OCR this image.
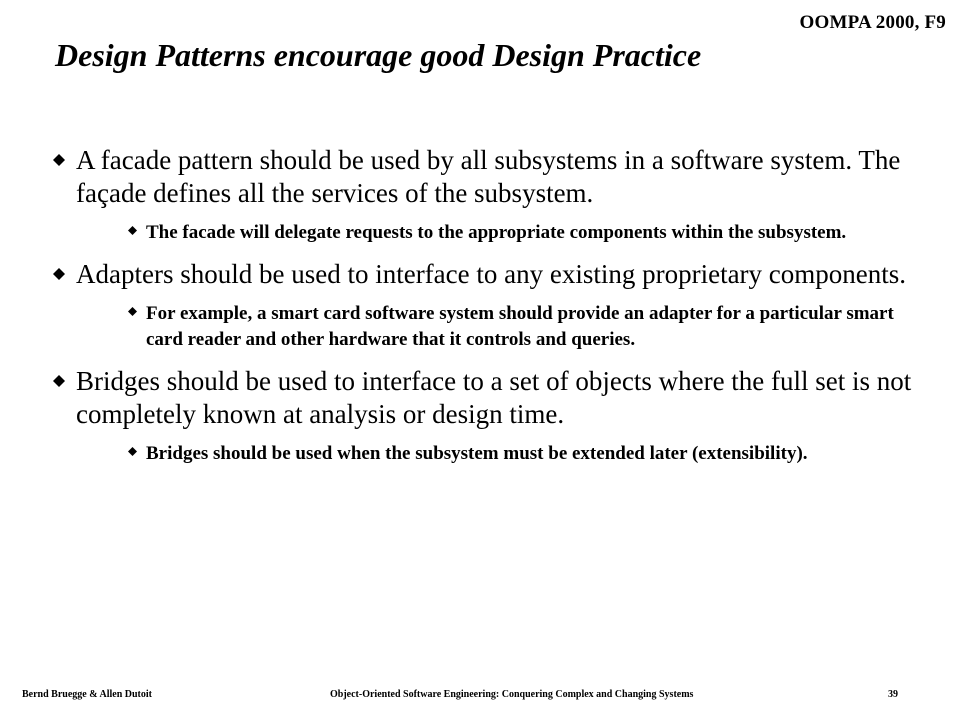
OOMPA 2000, F9
Design Patterns encourage good Design Practice
A facade pattern should be used by all subsystems in a software system. The façade defines all the services of the subsystem.
The facade will delegate requests to the appropriate components within the subsystem.
Adapters should be used to interface to any existing proprietary components.
For example, a smart card software system should provide an adapter for a particular smart card reader and other hardware that it controls and queries.
Bridges should be used to interface to a set of objects where the full set is not completely known at analysis or design time.
Bridges should be used when the subsystem must be extended later (extensibility).
Bernd Bruegge & Allen Dutoit	Object-Oriented Software Engineering: Conquering Complex and Changing Systems	39
